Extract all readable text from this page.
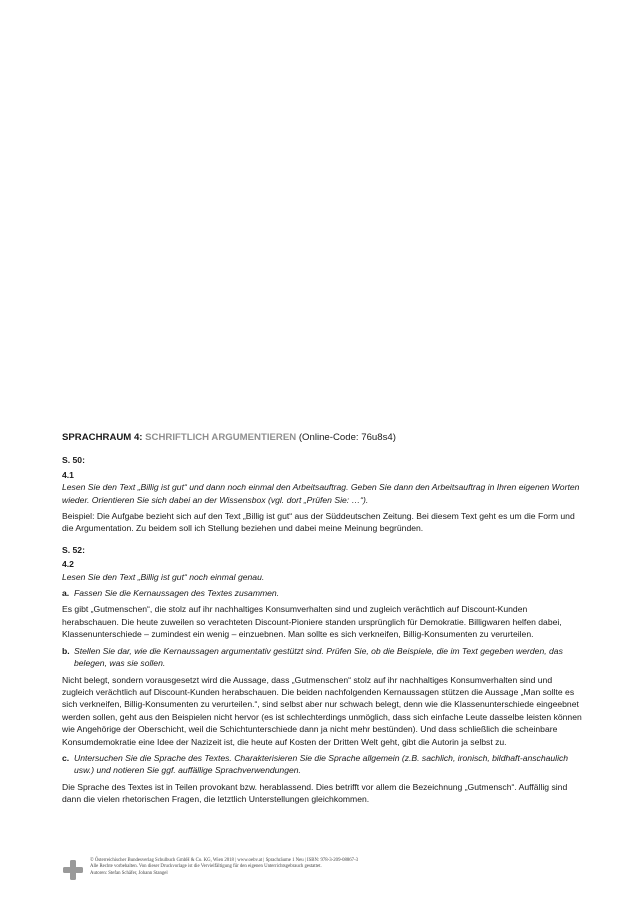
SPRACHRAUM 4: SCHRIFTLICH ARGUMENTIEREN (Online-Code: 76u8s4)

S. 50:

4.1

Lesen Sie den Text „Billig ist gut“ und dann noch einmal den Arbeitsauftrag. Geben Sie dann den Arbeitsauftrag in Ihren eigenen Worten wieder. Orientieren Sie sich dabei an der Wissensbox (vgl. dort „Prüfen Sie: …“).

Beispiel: Die Aufgabe bezieht sich auf den Text „Billig ist gut“ aus der Süddeutschen Zeitung. Bei diesem Text geht es um die Form und die Argumentation. Zu beidem soll ich Stellung beziehen und dabei meine Meinung begründen.

S. 52:

4.2

Lesen Sie den Text „Billig ist gut“ noch einmal genau.

a. Fassen Sie die Kernaussagen des Textes zusammen.

Es gibt „Gutmenschen“, die stolz auf ihr nachhaltiges Konsumverhalten sind und zugleich verächtlich auf Discount-Kunden herabschauen. Die heute zuweilen so verachteten Discount-Pioniere standen ursprünglich für Demokratie. Billigwaren helfen dabei, Klassenunterschiede – zumindest ein wenig – einzuebnen. Man sollte es sich verkneifen, Billig-Konsumenten zu verurteilen.

b. Stellen Sie dar, wie die Kernaussagen argumentativ gestützt sind. Prüfen Sie, ob die Beispiele, die im Text gegeben werden, das belegen, was sie sollen.

Nicht belegt, sondern vorausgesetzt wird die Aussage, dass „Gutmenschen“ stolz auf ihr nachhaltiges Konsumverhalten sind und zugleich verächtlich auf Discount-Kunden herabschauen. Die beiden nachfolgenden Kernaussagen stützen die Aussage „Man sollte es sich verkneifen, Billig-Konsumenten zu verurteilen.“, sind selbst aber nur schwach belegt, denn wie die Klassenunterschiede eingeebnet werden sollen, geht aus den Beispielen nicht hervor (es ist schlechterdings unmöglich, dass sich einfache Leute dasselbe leisten können wie Angehörige der Oberschicht, weil die Schichtunterschiede dann ja nicht mehr bestünden). Und dass schließlich die scheinbare Konsumdemokratie eine Idee der Nazizeit ist, die heute auf Kosten der Dritten Welt geht, gibt die Autorin ja selbst zu.

c. Untersuchen Sie die Sprache des Textes. Charakterisieren Sie die Sprache allgemein (z.B. sachlich, ironisch, bildhaft-anschaulich usw.) und notieren Sie ggf. auffällige Sprachverwendungen.

Die Sprache des Textes ist in Teilen provokant bzw. herablassend. Dies betrifft vor allem die Bezeichnung „Gutmensch“. Auffällig sind dann die vielen rhetorischen Fragen, die letztlich Unterstellungen gleichkommen.

© Österreichischer Bundesverlag Schulbuch GmbH & Co. KG, Wien 2018 | www.oebv.at | Sprachräume 1 Neu | ISBN: 978-3-209-08867-3
Alle Rechte vorbehalten. Von dieser Druckvorlage ist die Vervielfältigung für den eigenen Unterrichtsgebrauch gestattet.
Autoren: Stefan Schäfer, Johann Stangel
